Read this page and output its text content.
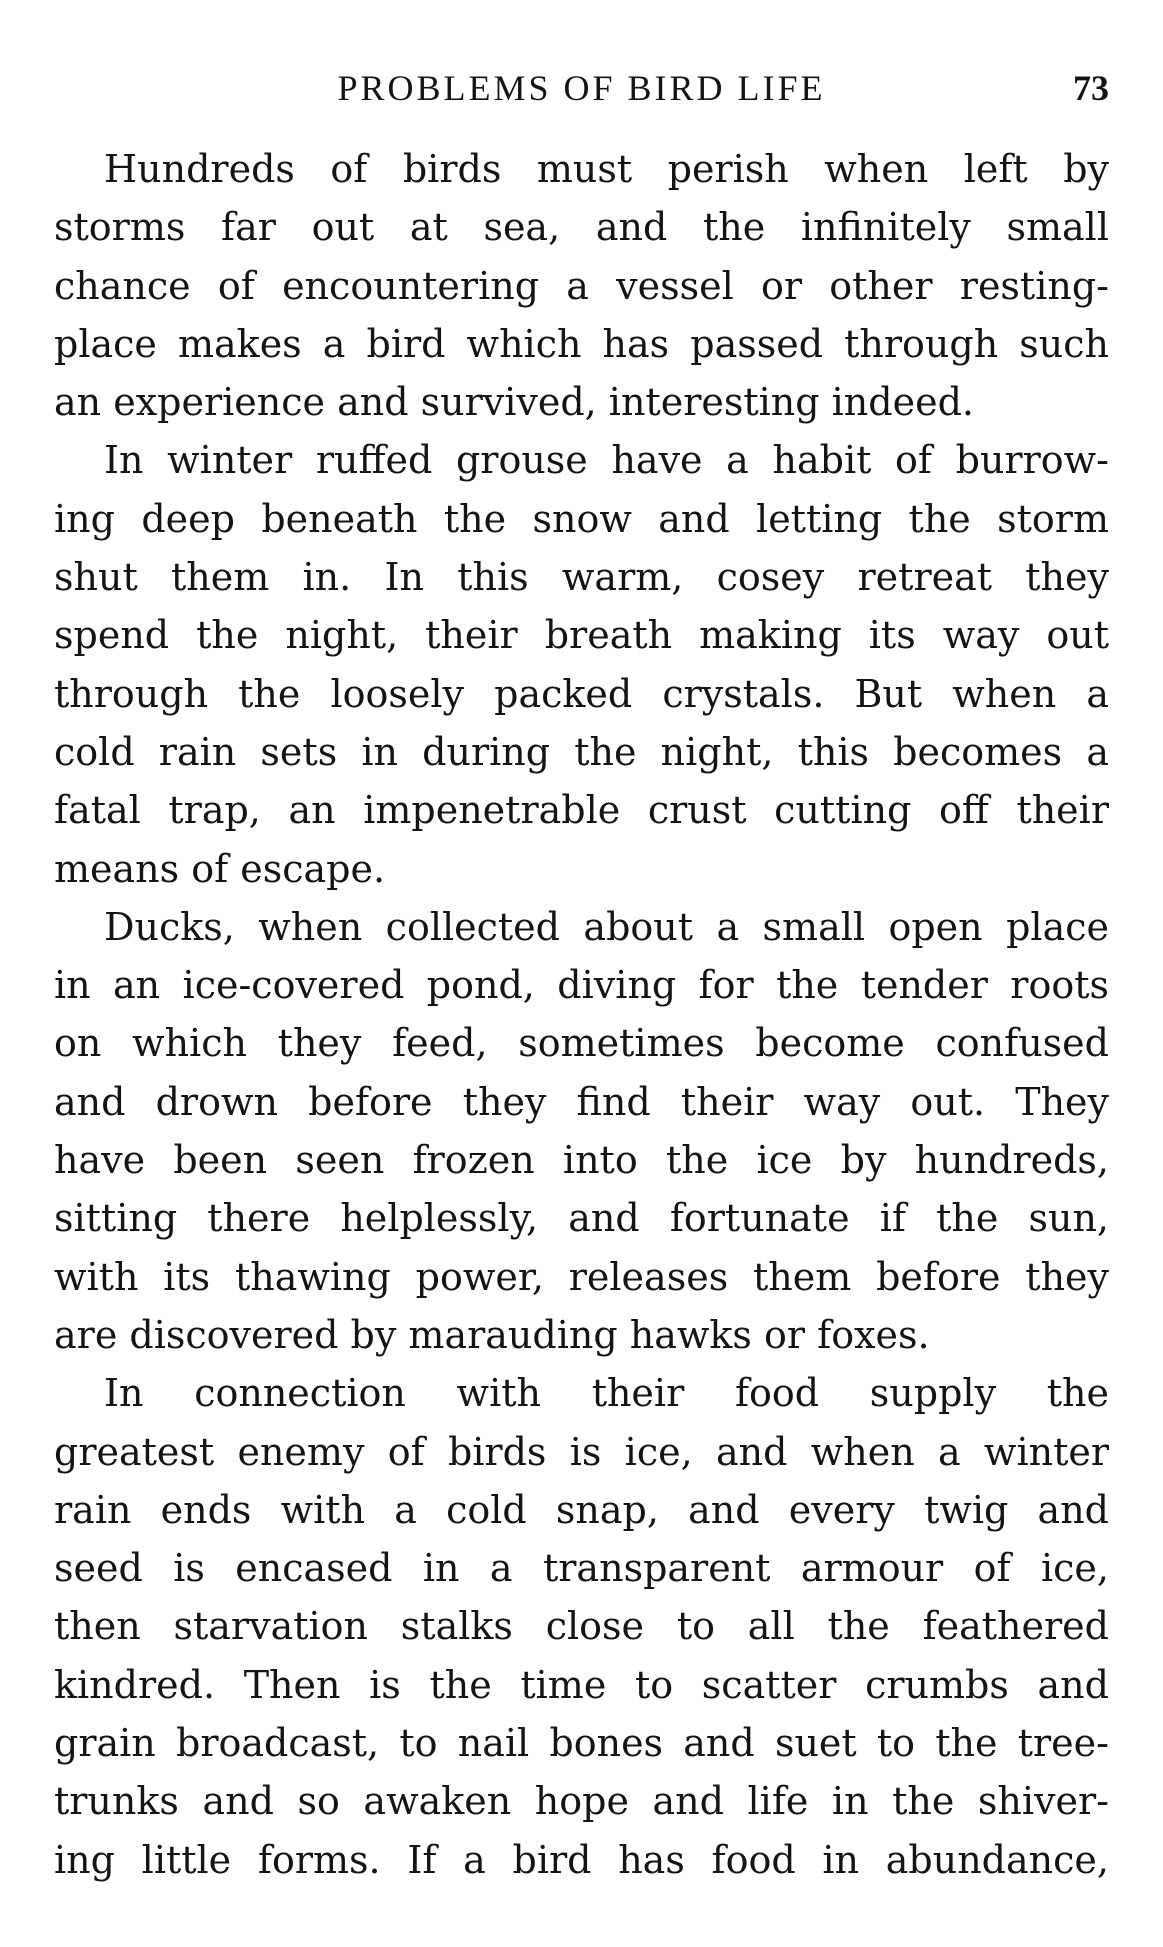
PROBLEMS OF BIRD LIFE	73

Hundreds of birds must perish when left by
storms far out at sea, and the infinitely small
chance of encountering a vessel or other resting-
place makes a bird which has passed through such
an experience and survived, interesting indeed.

In winter ruffed grouse have a habit of burrow-
ing deep beneath the snow and letting the storm
shut them in. In this warm, cosey retreat they
spend the night, their breath making its way out
through the loosely packed crystals. But when a
cold rain sets in during the night, this becomes a
fatal trap, an impenetrable crust cutting off their
means of escape.

Ducks, when collected about a small open place
in an ice-covered pond, diving for the tender roots
on which they feed, sometimes become confused
and drown before they find their way out. They
have been seen frozen into the ice by hundreds,
sitting there helplessly, and fortunate if the sun,
with its thawing power, releases them before they
are discovered by marauding hawks or foxes.

In connection with their food supply the
greatest enemy of birds is ice, and when a winter
rain ends with a cold snap, and every twig and
seed is encased in a transparent armour of ice,
then starvation stalks close to all the feathered
kindred. Then is the time to scatter crumbs and
grain broadcast, to nail bones and suet to the tree-
trunks and so awaken hope and life in the shiver-
ing little forms. If a bird has food in abundance,
